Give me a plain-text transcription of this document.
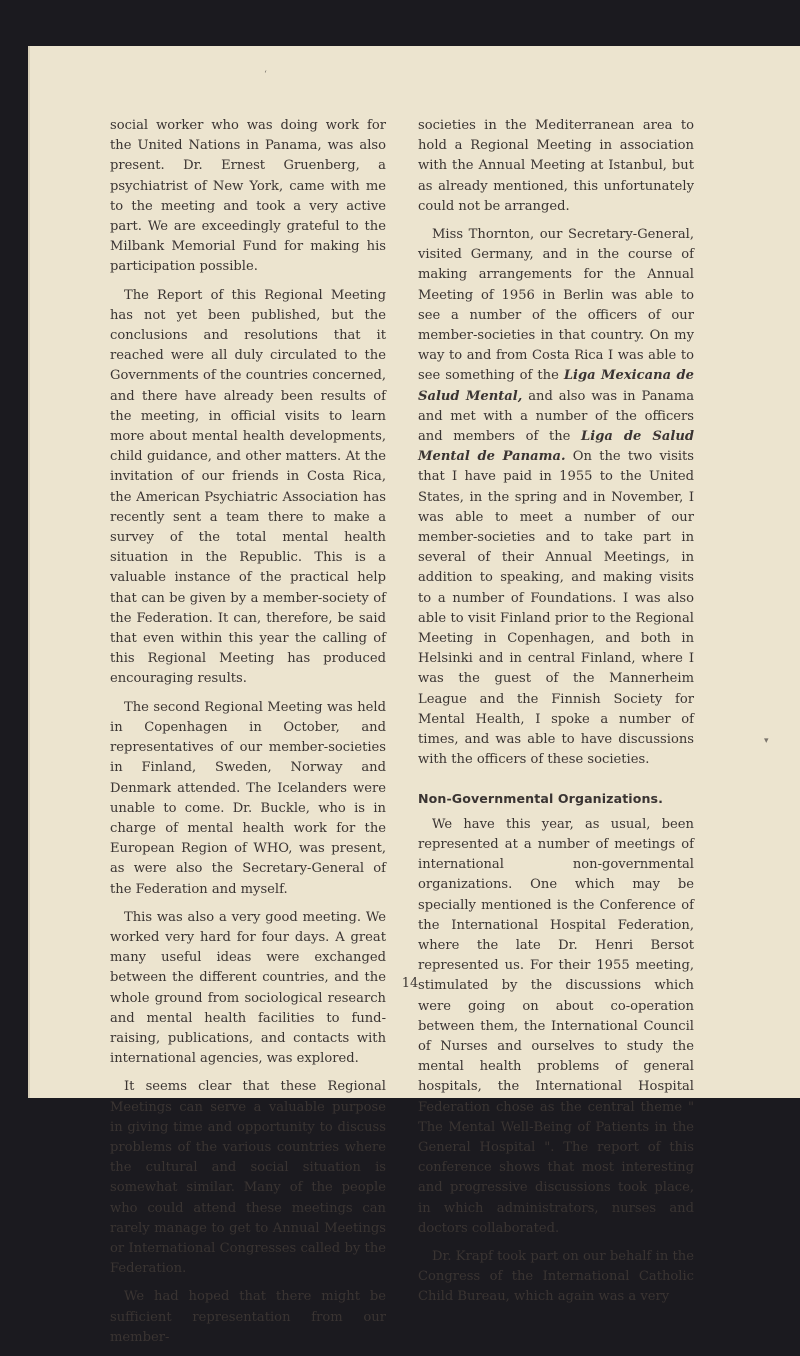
‘
▾

social worker who was doing work for the United Nations in Panama, was also present. Dr. Ernest Gruenberg, a psychiatrist of New York, came with me to the meeting and took a very active part. We are exceedingly grateful to the Milbank Memorial Fund for making his participation possible.

The Report of this Regional Meeting has not yet been published, but the conclusions and resolutions that it reached were all duly circulated to the Governments of the countries concerned, and there have already been results of the meeting, in official visits to learn more about mental health developments, child guidance, and other matters. At the invitation of our friends in Costa Rica, the American Psychiatric Association has recently sent a team there to make a survey of the total mental health situation in the Republic. This is a valuable instance of the practical help that can be given by a member-society of the Federation. It can, therefore, be said that even within this year the calling of this Regional Meeting has produced encouraging results.

The second Regional Meeting was held in Copenhagen in October, and representatives of our member-societies in Finland, Sweden, Norway and Denmark attended. The Icelanders were unable to come. Dr. Buckle, who is in charge of mental health work for the European Region of WHO, was present, as were also the Secretary-General of the Federation and myself.

This was also a very good meeting. We worked very hard for four days. A great many useful ideas were exchanged between the different countries, and the whole ground from sociological research and mental health facilities to fund-raising, publications, and contacts with international agencies, was explored.

It seems clear that these Regional Meetings can serve a valuable purpose in giving time and opportunity to discuss problems of the various countries where the cultural and social situation is somewhat similar. Many of the people who could attend these meetings can rarely manage to get to Annual Meetings or International Congresses called by the Federation.

We had hoped that there might be sufficient representation from our member-

societies in the Mediterranean area to hold a Regional Meeting in association with the Annual Meeting at Istanbul, but as already mentioned, this unfortunately could not be arranged.

Miss Thornton, our Secretary-General, visited Germany, and in the course of making arrangements for the Annual Meeting of 1956 in Berlin was able to see a number of the officers of our member-societies in that country. On my way to and from Costa Rica I was able to see something of the Liga Mexicana de Salud Mental, and also was in Panama and met with a number of the officers and members of the Liga de Salud Mental de Panama. On the two visits that I have paid in 1955 to the United States, in the spring and in November, I was able to meet a number of our member-societies and to take part in several of their Annual Meetings, in addition to speaking, and making visits to a number of Foundations. I was also able to visit Finland prior to the Regional Meeting in Copenhagen, and both in Helsinki and in central Finland, where I was the guest of the Mannerheim League and the Finnish Society for Mental Health, I spoke a number of times, and was able to have discussions with the officers of these societies.

Non-Governmental Organizations.

We have this year, as usual, been represented at a number of meetings of international non-governmental organizations. One which may be specially mentioned is the Conference of the International Hospital Federation, where the late Dr. Henri Bersot represented us. For their 1955 meeting, stimulated by the discussions which were going on about co-operation between them, the International Council of Nurses and ourselves to study the mental health problems of general hospitals, the International Hospital Federation chose as the central theme " The Mental Well-Being of Patients in the General Hospital ". The report of this conference shows that most interesting and progressive discussions took place, in which administrators, nurses and doctors collaborated.

Dr. Krapf took part on our behalf in the Congress of the International Catholic Child Bureau, which again was a very

14
